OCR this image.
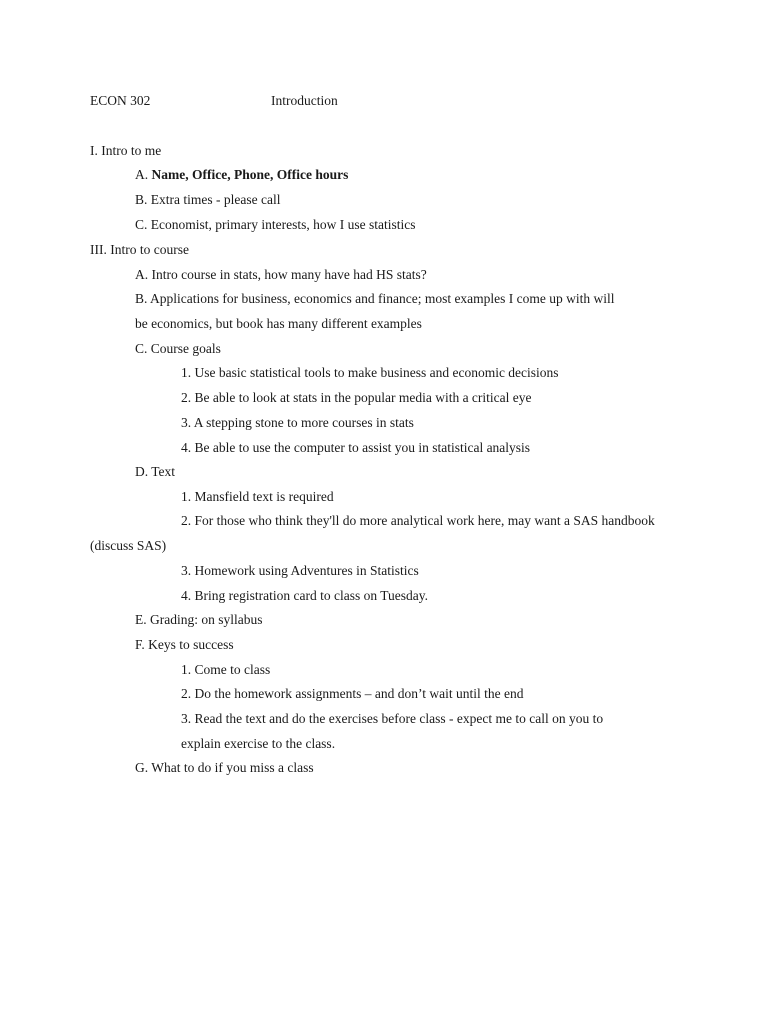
ECON 302	Introduction
I. Intro to me
A. Name, Office, Phone, Office hours
B. Extra times - please call
C. Economist, primary interests, how I use statistics
III. Intro to course
A. Intro course in stats, how many have had HS stats?
B. Applications for business, economics and finance; most examples I come up with will
be economics, but book has many different examples
C. Course goals
1. Use basic statistical tools to make business and economic decisions
2. Be able to look at stats in the popular media with a critical eye
3. A stepping stone to more courses in stats
4. Be able to use the computer to assist you in statistical analysis
D. Text
1. Mansfield text is required
2. For those who think they'll do more analytical work here, may want a SAS handbook
(discuss SAS)
3. Homework using Adventures in Statistics
4. Bring registration card to class on Tuesday.
E. Grading: on syllabus
F. Keys to success
1. Come to class
2. Do the homework assignments – and don’t wait until the end
3. Read the text and do the exercises before class - expect me to call on you to
explain exercise to the class.
G. What to do if you miss a class
